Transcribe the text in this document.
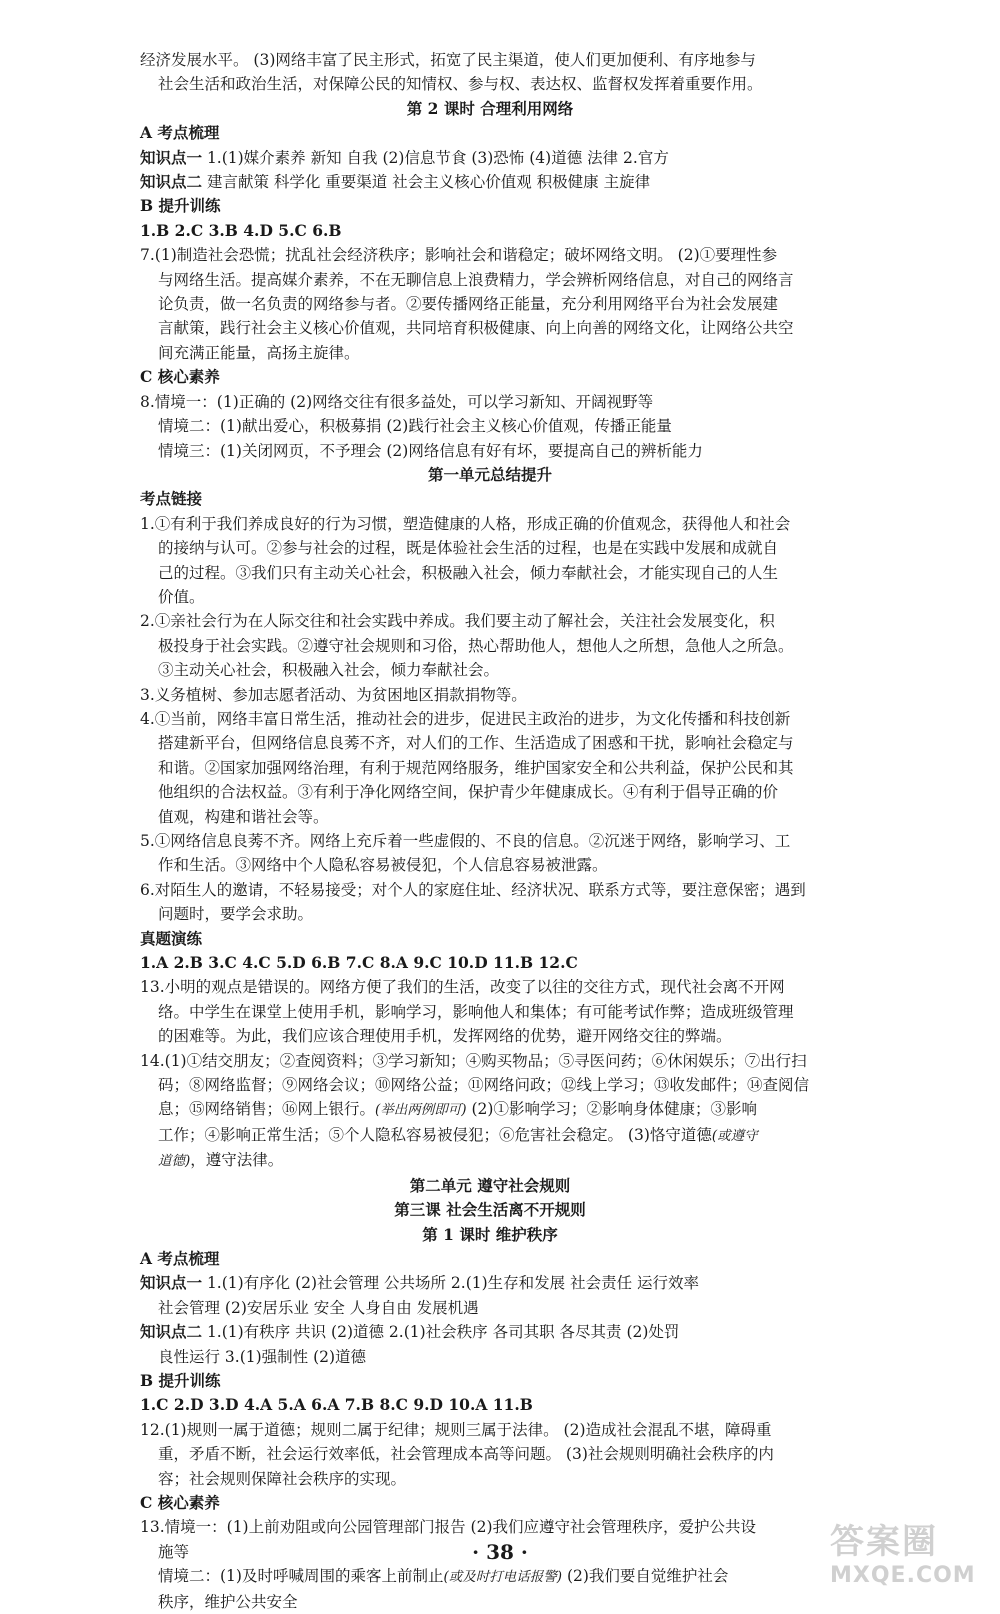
经济发展水平。 (3)网络丰富了民主形式，拓宽了民主渠道，使人们更加便利、有序地参与

社会生活和政治生活，对保障公民的知情权、参与权、表达权、监督权发挥着重要作用。

第 2 课时 合理利用网络

A 考点梳理

知识点一 1.(1)媒介素养 新知 自我 (2)信息节食 (3)恐怖 (4)道德 法律 2.官方

知识点二 建言献策 科学化 重要渠道 社会主义核心价值观 积极健康 主旋律

B 提升训练

1.B 2.C 3.B 4.D 5.C 6.B

7.(1)制造社会恐慌；扰乱社会经济秩序；影响社会和谐稳定；破坏网络文明。 (2)①要理性参

与网络生活。提高媒介素养，不在无聊信息上浪费精力，学会辨析网络信息，对自己的网络言

论负责，做一名负责的网络参与者。②要传播网络正能量，充分利用网络平台为社会发展建

言献策，践行社会主义核心价值观，共同培育积极健康、向上向善的网络文化，让网络公共空

间充满正能量，高扬主旋律。

C 核心素养

8.情境一：(1)正确的 (2)网络交往有很多益处，可以学习新知、开阔视野等

情境二：(1)献出爱心，积极募捐 (2)践行社会主义核心价值观，传播正能量

情境三：(1)关闭网页，不予理会 (2)网络信息有好有坏，要提高自己的辨析能力

第一单元总结提升

考点链接

1.①有利于我们养成良好的行为习惯，塑造健康的人格，形成正确的价值观念，获得他人和社会

的接纳与认可。②参与社会的过程，既是体验社会生活的过程，也是在实践中发展和成就自

己的过程。③我们只有主动关心社会，积极融入社会，倾力奉献社会，才能实现自己的人生

价值。

2.①亲社会行为在人际交往和社会实践中养成。我们要主动了解社会，关注社会发展变化，积

极投身于社会实践。②遵守社会规则和习俗，热心帮助他人，想他人之所想，急他人之所急。

③主动关心社会，积极融入社会，倾力奉献社会。

3.义务植树、参加志愿者活动、为贫困地区捐款捐物等。

4.①当前，网络丰富日常生活，推动社会的进步，促进民主政治的进步，为文化传播和科技创新

搭建新平台，但网络信息良莠不齐，对人们的工作、生活造成了困惑和干扰，影响社会稳定与

和谐。②国家加强网络治理，有利于规范网络服务，维护国家安全和公共利益，保护公民和其

他组织的合法权益。③有利于净化网络空间，保护青少年健康成长。④有利于倡导正确的价

值观，构建和谐社会等。

5.①网络信息良莠不齐。网络上充斥着一些虚假的、不良的信息。②沉迷于网络，影响学习、工

作和生活。③网络中个人隐私容易被侵犯，个人信息容易被泄露。

6.对陌生人的邀请，不轻易接受；对个人的家庭住址、经济状况、联系方式等，要注意保密；遇到

问题时，要学会求助。

真题演练

1.A 2.B 3.C 4.C 5.D 6.B 7.C 8.A 9.C 10.D 11.B 12.C

13.小明的观点是错误的。网络方便了我们的生活，改变了以往的交往方式，现代社会离不开网

络。中学生在课堂上使用手机，影响学习，影响他人和集体；有可能考试作弊；造成班级管理

的困难等。为此，我们应该合理使用手机，发挥网络的优势，避开网络交往的弊端。

14.(1)①结交朋友；②查阅资料；③学习新知；④购买物品；⑤寻医问药；⑥休闲娱乐；⑦出行扫

码；⑧网络监督；⑨网络会议；⑩网络公益；⑪网络问政；⑫线上学习；⑬收发邮件；⑭查阅信

息；⑮网络销售；⑯网上银行。(举出两例即可) (2)①影响学习；②影响身体健康；③影响

工作；④影响正常生活；⑤个人隐私容易被侵犯；⑥危害社会稳定。 (3)恪守道德(或遵守

道德)，遵守法律。

第二单元 遵守社会规则

第三课 社会生活离不开规则

第 1 课时 维护秩序

A 考点梳理

知识点一 1.(1)有序化 (2)社会管理 公共场所 2.(1)生存和发展 社会责任 运行效率

社会管理 (2)安居乐业 安全 人身自由 发展机遇

知识点二 1.(1)有秩序 共识 (2)道德 2.(1)社会秩序 各司其职 各尽其责 (2)处罚

良性运行 3.(1)强制性 (2)道德

B 提升训练

1.C 2.D 3.D 4.A 5.A 6.A 7.B 8.C 9.D 10.A 11.B

12.(1)规则一属于道德；规则二属于纪律；规则三属于法律。 (2)造成社会混乱不堪，障碍重

重，矛盾不断，社会运行效率低，社会管理成本高等问题。 (3)社会规则明确社会秩序的内

容；社会规则保障社会秩序的实现。

C 核心素养

13.情境一：(1)上前劝阻或向公园管理部门报告 (2)我们应遵守社会管理秩序，爱护公共设

施等

情境二：(1)及时呼喊周围的乘客上前制止(或及时打电话报警) (2)我们要自觉维护社会

秩序，维护公共安全

· 38 ·	答案圈
MXQE.COM
